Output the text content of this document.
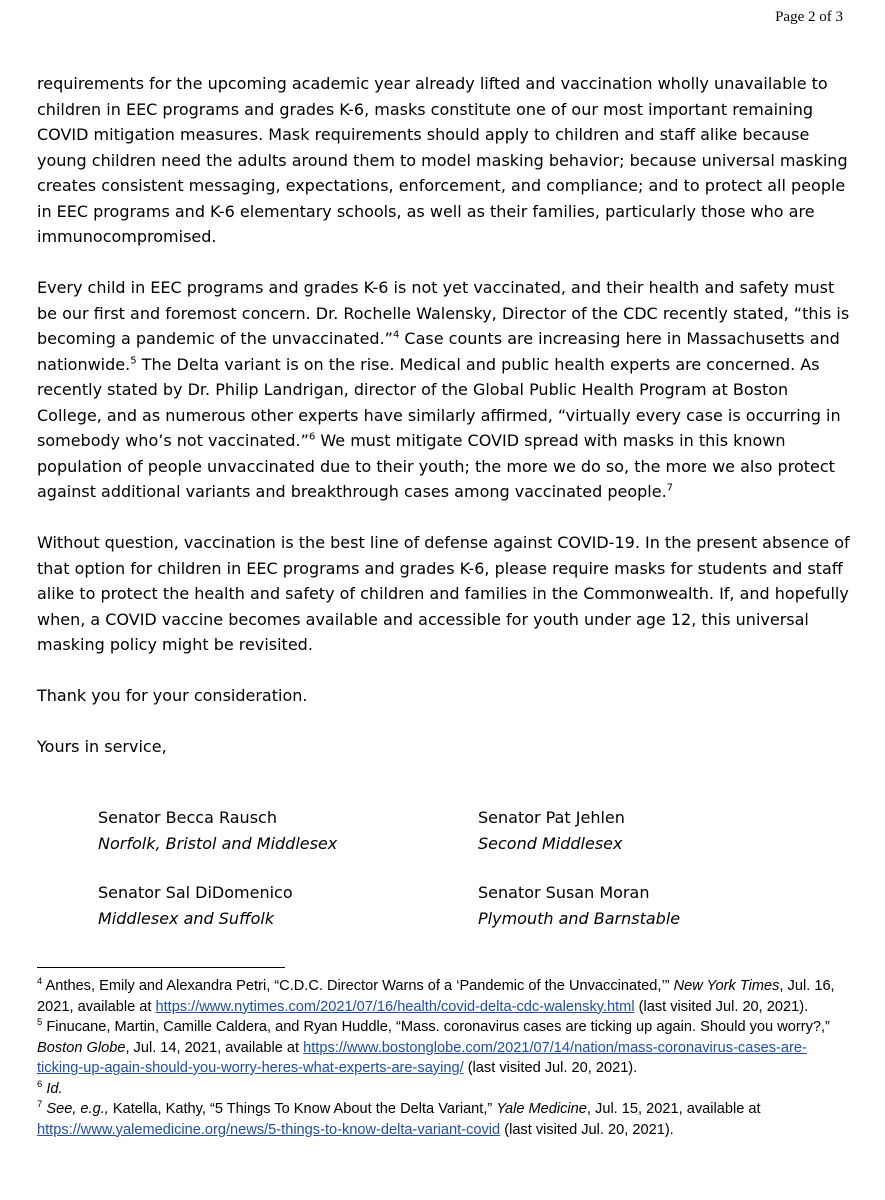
Page 2 of 3

requirements for the upcoming academic year already lifted and vaccination wholly unavailable to children in EEC programs and grades K-6, masks constitute one of our most important remaining COVID mitigation measures. Mask requirements should apply to children and staff alike because young children need the adults around them to model masking behavior; because universal masking creates consistent messaging, expectations, enforcement, and compliance; and to protect all people in EEC programs and K-6 elementary schools, as well as their families, particularly those who are immunocompromised.

Every child in EEC programs and grades K-6 is not yet vaccinated, and their health and safety must be our first and foremost concern. Dr. Rochelle Walensky, Director of the CDC recently stated, “this is becoming a pandemic of the unvaccinated.”$^4$ Case counts are increasing here in Massachusetts and nationwide.$^5$ The Delta variant is on the rise. Medical and public health experts are concerned. As recently stated by Dr. Philip Landrigan, director of the Global Public Health Program at Boston College, and as numerous other experts have similarly affirmed, “virtually every case is occurring in somebody who’s not vaccinated.”$^6$ We must mitigate COVID spread with masks in this known population of people unvaccinated due to their youth; the more we do so, the more we also protect against additional variants and breakthrough cases among vaccinated people.$^7$

Without question, vaccination is the best line of defense against COVID-19. In the present absence of that option for children in EEC programs and grades K-6, please require masks for students and staff alike to protect the health and safety of children and families in the Commonwealth. If, and hopefully when, a COVID vaccine becomes available and accessible for youth under age 12, this universal masking policy might be revisited.

Thank you for your consideration.

Yours in service,

Senator Becca Rausch
Norfolk, Bristol and Middlesex
Senator Pat Jehlen
Second Middlesex
Senator Sal DiDomenico
Middlesex and Suffolk
Senator Susan Moran
Plymouth and Barnstable

$^4$ Anthes, Emily and Alexandra Petri, “C.D.C. Director Warns of a ‘Pandemic of the Unvaccinated,’” New York Times, Jul. 16, 2021, available at https://www.nytimes.com/2021/07/16/health/covid-delta-cdc-walensky.html (last visited Jul. 20, 2021).

$^5$ Finucane, Martin, Camille Caldera, and Ryan Huddle, “Mass. coronavirus cases are ticking up again. Should you worry?,” Boston Globe, Jul. 14, 2021, available at https://www.bostonglobe.com/2021/07/14/nation/mass-coronavirus-cases-are-ticking-up-again-should-you-worry-heres-what-experts-are-saying/ (last visited Jul. 20, 2021).

$^6$ Id.

$^7$ See, e.g., Katella, Kathy, “5 Things To Know About the Delta Variant,” Yale Medicine, Jul. 15, 2021, available at https://www.yalemedicine.org/news/5-things-to-know-delta-variant-covid (last visited Jul. 20, 2021).
